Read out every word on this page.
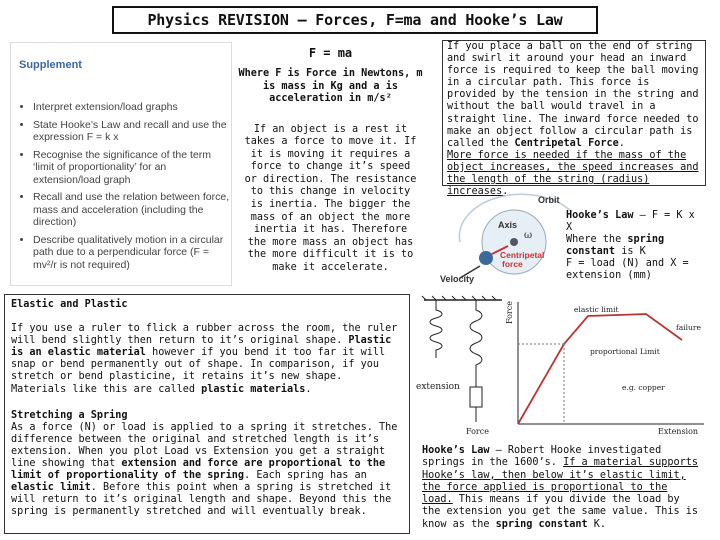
Physics REVISION – Forces, F=ma and Hooke’s Law
Supplement
• Interpret extension/load graphs
• State Hooke’s Law and recall and use the expression F = k x
• Recognise the significance of the term ‘limit of proportionality’ for an extension/load graph
• Recall and use the relation between force, mass and acceleration (including the direction)
• Describe qualitatively motion in a circular path due to a perpendicular force (F = mv²/r is not required)
F = ma
Where F is Force in Newtons, m is mass in Kg and a is acceleration in m/s²
If an object is a rest it takes a force to move it. If it is moving it requires a force to change it’s speed or direction. The resistance to this change in velocity is inertia. The bigger the mass of an object the more inertia it has. Therefore the more mass an object has the more difficult it is to make it accelerate.
If you place a ball on the end of string and swirl it around your head an inward force is required to keep the ball moving in a circular path. This force is provided by the tension in the string and without the ball would travel in a straight line. The inward force needed to make an object follow a circular path is called the Centripetal Force.
More force is needed if the mass of the object increases, the speed increases and the length of the string (radius) increases.
Orbit
Axis
ω
Centripetal
force
Velocity
Hooke’s Law – F = K x X
Where the spring constant is K
F = load (N) and X = extension (mm)

Elastic and Plastic

If you use a ruler to flick a rubber across the room, the ruler will bend slightly then return to it’s original shape. Plastic is an elastic material however if you bend it too far it will snap or bend permanently out of shape. In comparison, if you stretch or bend plasticine, it retains it’s new shape. Materials like this are called plastic materials.

Stretching a Spring

As a force (N) or load is applied to a spring it stretches. The difference between the original and stretched length is it’s extension. When you plot Load vs Extension you get a straight line showing that extension and force are proportional to the limit of proportionality of the spring. Each spring has an elastic limit. Before this point when a spring is stretched it will return to it’s original length and shape. Beyond this the spring is permanently stretched and will eventually break.

extension
Force
Force
Extension
elastic limit
failure
proportional Limit
e.g. copper
Hooke’s Law – Robert Hooke investigated springs in the 1600’s. If a material supports Hooke’s law, then below it’s elastic limit, the force applied is proportional to the load. This means if you divide the load by the extension you get the same value. This is know as the spring constant K.
